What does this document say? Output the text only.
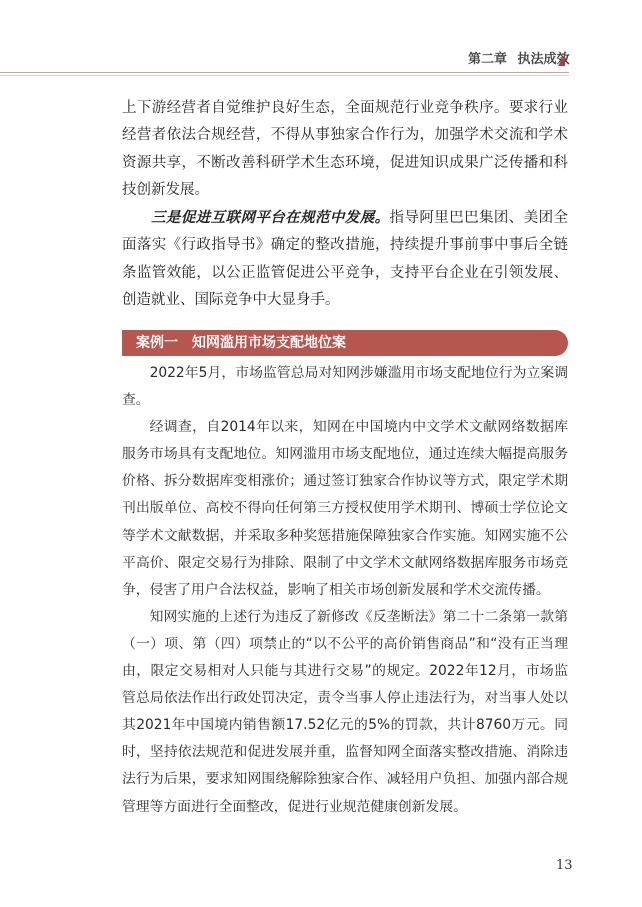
第二章 执法成效

上下游经营者自觉维护良好生态，全面规范行业竞争秩序。要求行业经营者依法合规经营，不得从事独家合作行为，加强学术交流和学术资源共享，不断改善科研学术生态环境，促进知识成果广泛传播和科技创新发展。

三是促进互联网平台在规范中发展。指导阿里巴巴集团、美团全面落实《行政指导书》确定的整改措施，持续提升事前事中事后全链条监管效能，以公正监管促进公平竞争，支持平台企业在引领发展、创造就业、国际竞争中大显身手。

案例一　知网滥用市场支配地位案

2022年5月，市场监管总局对知网涉嫌滥用市场支配地位行为立案调查。

经调查，自2014年以来，知网在中国境内中文学术文献网络数据库服务市场具有支配地位。知网滥用市场支配地位，通过连续大幅提高服务价格、拆分数据库变相涨价；通过签订独家合作协议等方式，限定学术期刊出版单位、高校不得向任何第三方授权使用学术期刊、博硕士学位论文等学术文献数据，并采取多种奖惩措施保障独家合作实施。知网实施不公平高价、限定交易行为排除、限制了中文学术文献网络数据库服务市场竞争，侵害了用户合法权益，影响了相关市场创新发展和学术交流传播。

知网实施的上述行为违反了新修改《反垄断法》第二十二条第一款第（一）项、第（四）项禁止的“以不公平的高价销售商品”和“没有正当理由，限定交易相对人只能与其进行交易”的规定。2022年12月，市场监管总局依法作出行政处罚决定，责令当事人停止违法行为，对当事人处以其2021年中国境内销售额17.52亿元的5%的罚款，共计8760万元。同时，坚持依法规范和促进发展并重，监督知网全面落实整改措施、消除违法行为后果，要求知网围绕解除独家合作、减轻用户负担、加强内部合规管理等方面进行全面整改，促进行业规范健康创新发展。

13
